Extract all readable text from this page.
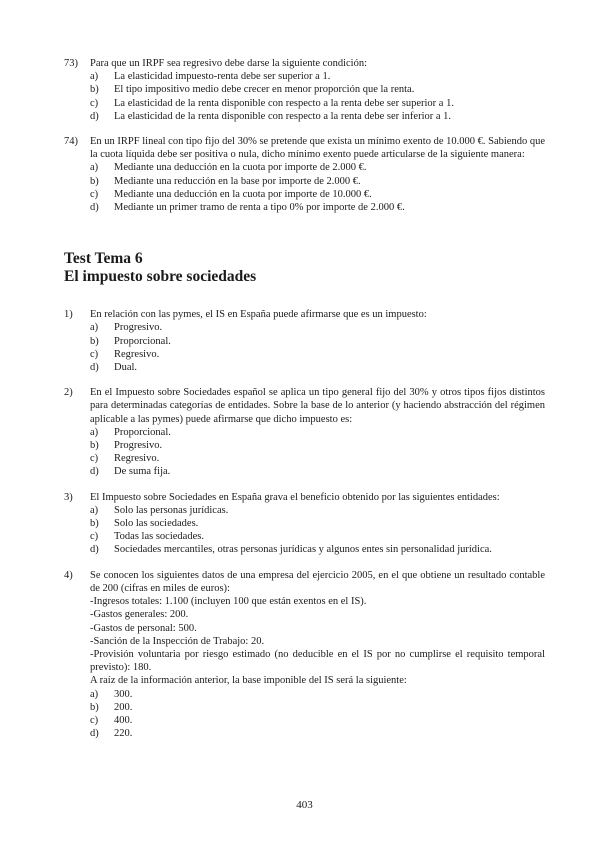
73)	Para que un IRPF sea regresivo debe darse la siguiente condición:
a)	La elasticidad impuesto-renta debe ser superior a 1.
b)	El tipo impositivo medio debe crecer en menor proporción que la renta.
c)	La elasticidad de la renta disponible con respecto a la renta debe ser superior a 1.
d)	La elasticidad de la renta disponible con respecto a la renta debe ser inferior a 1.
74)	En un IRPF lineal con tipo fijo del 30% se pretende que exista un mínimo exento de 10.000 €. Sabiendo que la cuota líquida debe ser positiva o nula, dicho mínimo exento puede articularse de la siguiente manera:
a)	Mediante una deducción en la cuota por importe de 2.000 €.
b)	Mediante una reducción en la base por importe de 2.000 €.
c)	Mediante una deducción en la cuota por importe de 10.000 €.
d)	Mediante un primer tramo de renta a tipo 0% por importe de 2.000 €.
Test Tema 6
El impuesto sobre sociedades
1)	En relación con las pymes, el IS en España puede afirmarse que es un impuesto:
a)	Progresivo.
b)	Proporcional.
c)	Regresivo.
d)	Dual.
2)	En el Impuesto sobre Sociedades español se aplica un tipo general fijo del 30% y otros tipos fijos distintos para determinadas categorías de entidades. Sobre la base de lo anterior (y haciendo abstracción del régimen aplicable a las pymes) puede afirmarse que dicho impuesto es:
a)	Proporcional.
b)	Progresivo.
c)	Regresivo.
d)	De suma fija.
3)	El Impuesto sobre Sociedades en España grava el beneficio obtenido por las siguientes entidades:
a)	Solo las personas jurídicas.
b)	Solo las sociedades.
c)	Todas las sociedades.
d)	Sociedades mercantiles, otras personas jurídicas y algunos entes sin personalidad jurídica.
4)	Se conocen los siguientes datos de una empresa del ejercicio 2005, en el que obtiene un resultado contable de 200 (cifras en miles de euros):
-Ingresos totales: 1.100 (incluyen 100 que están exentos en el IS).
-Gastos generales: 200.
-Gastos de personal: 500.
-Sanción de la Inspección de Trabajo: 20.
-Provisión voluntaria por riesgo estimado (no deducible en el IS por no cumplirse el requisito temporal previsto): 180.
A raíz de la información anterior, la base imponible del IS será la siguiente:
a)	300.
b)	200.
c)	400.
d)	220.
403
